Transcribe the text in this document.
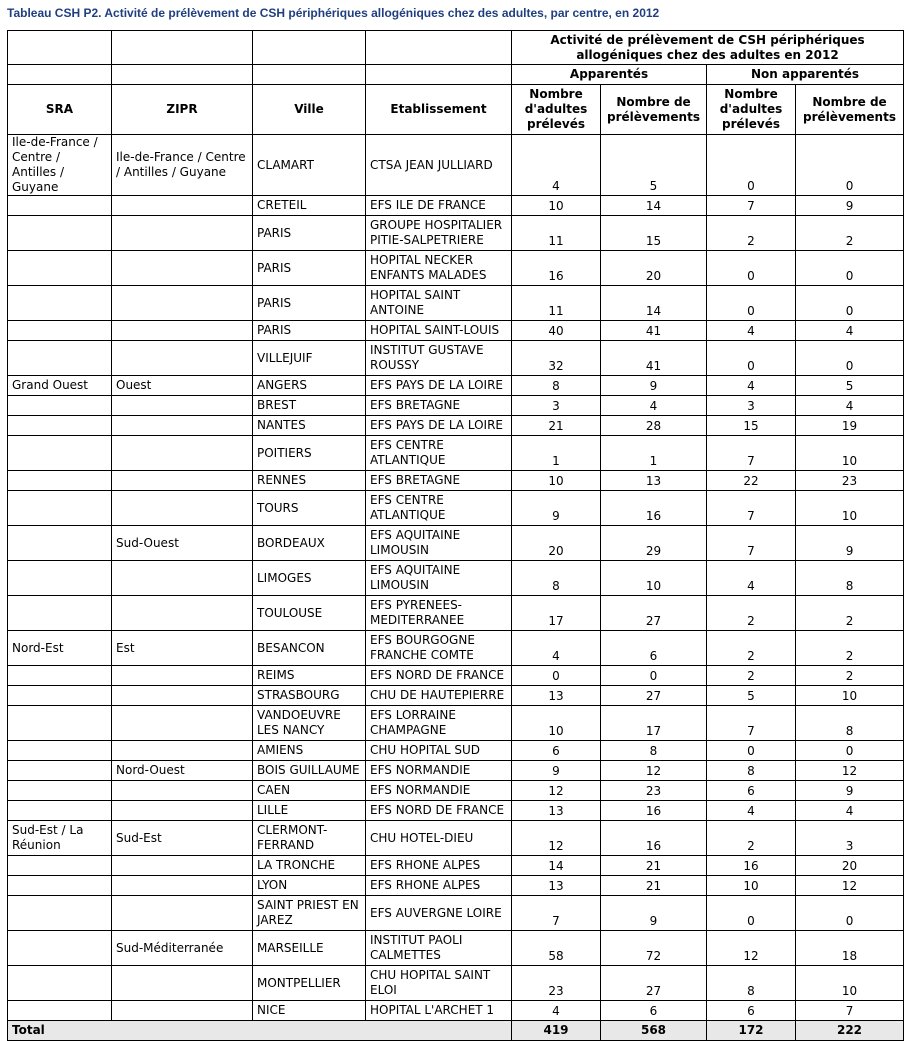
Tableau CSH P2. Activité de prélèvement de CSH périphériques allogéniques chez des adultes, par centre, en 2012
				Activité de prélèvement de CSH périphériques allogéniques chez des adultes en 2012			
				Apparentés		Non apparentés	
SRA	ZIPR	Ville	Etablissement	Nombre d'adultes prélevés	Nombre de prélèvements	Nombre d'adultes prélevés	Nombre de prélèvements
Ile-de-France / Centre / Antilles / Guyane	Ile-de-France / Centre / Antilles / Guyane	CLAMART	CTSA JEAN JULLIARD	4	5	0	0
		CRETEIL	EFS ILE DE FRANCE	10	14	7	9
		PARIS	GROUPE HOSPITALIER PITIE-SALPETRIERE	11	15	2	2
		PARIS	HOPITAL NECKER ENFANTS MALADES	16	20	0	0
		PARIS	HOPITAL SAINT ANTOINE	11	14	0	0
		PARIS	HOPITAL SAINT-LOUIS	40	41	4	4
		VILLEJUIF	INSTITUT GUSTAVE ROUSSY	32	41	0	0
Grand Ouest	Ouest	ANGERS	EFS PAYS DE LA LOIRE	8	9	4	5
		BREST	EFS BRETAGNE	3	4	3	4
		NANTES	EFS PAYS DE LA LOIRE	21	28	15	19
		POITIERS	EFS CENTRE ATLANTIQUE	1	1	7	10
		RENNES	EFS BRETAGNE	10	13	22	23
		TOURS	EFS CENTRE ATLANTIQUE	9	16	7	10
	Sud-Ouest	BORDEAUX	EFS AQUITAINE LIMOUSIN	20	29	7	9
		LIMOGES	EFS AQUITAINE LIMOUSIN	8	10	4	8
		TOULOUSE	EFS PYRENEES-MEDITERRANEE	17	27	2	2
Nord-Est	Est	BESANCON	EFS BOURGOGNE FRANCHE COMTE	4	6	2	2
		REIMS	EFS NORD DE FRANCE	0	0	2	2
		STRASBOURG	CHU DE HAUTEPIERRE	13	27	5	10
		VANDOEUVRE LES NANCY	EFS LORRAINE CHAMPAGNE	10	17	7	8
		AMIENS	CHU HOPITAL SUD	6	8	0	0
	Nord-Ouest	BOIS GUILLAUME	EFS NORMANDIE	9	12	8	12
		CAEN	EFS NORMANDIE	12	23	6	9
		LILLE	EFS NORD DE FRANCE	13	16	4	4
Sud-Est / La Réunion	Sud-Est	CLERMONT-FERRAND	CHU HOTEL-DIEU	12	16	2	3
		LA TRONCHE	EFS RHONE ALPES	14	21	16	20
		LYON	EFS RHONE ALPES	13	21	10	12
		SAINT PRIEST EN JAREZ	EFS AUVERGNE LOIRE	7	9	0	0
	Sud-Méditerranée	MARSEILLE	INSTITUT PAOLI CALMETTES	58	72	12	18
		MONTPELLIER	CHU HOPITAL SAINT ELOI	23	27	8	10
		NICE	HOPITAL L'ARCHET 1	4	6	6	7
Total				419	568	172	222
